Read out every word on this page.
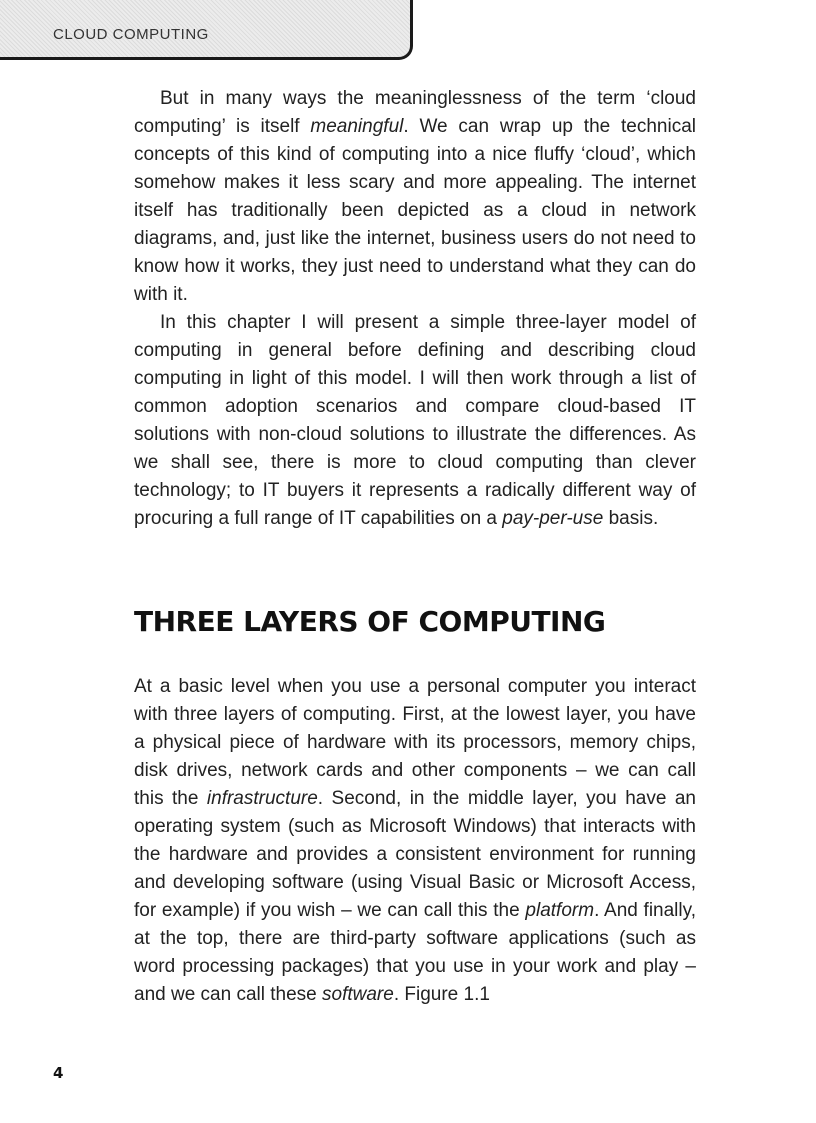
CLOUD COMPUTING

But in many ways the meaninglessness of the term ‘cloud computing’ is itself meaningful. We can wrap up the technical concepts of this kind of computing into a nice fluffy ‘cloud’, which somehow makes it less scary and more appealing. The internet itself has traditionally been depicted as a cloud in network diagrams, and, just like the internet, business users do not need to know how it works, they just need to understand what they can do with it.

In this chapter I will present a simple three-layer model of computing in general before defining and describing cloud computing in light of this model. I will then work through a list of common adoption scenarios and compare cloud-based IT solutions with non-cloud solutions to illustrate the differences. As we shall see, there is more to cloud computing than clever technology; to IT buyers it represents a radically different way of procuring a full range of IT capabilities on a pay-per-use basis.

THREE LAYERS OF COMPUTING

At a basic level when you use a personal computer you interact with three layers of computing. First, at the lowest layer, you have a physical piece of hardware with its processors, memory chips, disk drives, network cards and other components – we can call this the infrastructure. Second, in the middle layer, you have an operating system (such as Microsoft Windows) that interacts with the hardware and provides a consistent environment for running and developing software (using Visual Basic or Microsoft Access, for example) if you wish – we can call this the platform. And finally, at the top, there are third-party software applications (such as word processing packages) that you use in your work and play – and we can call these software. Figure 1.1

4
